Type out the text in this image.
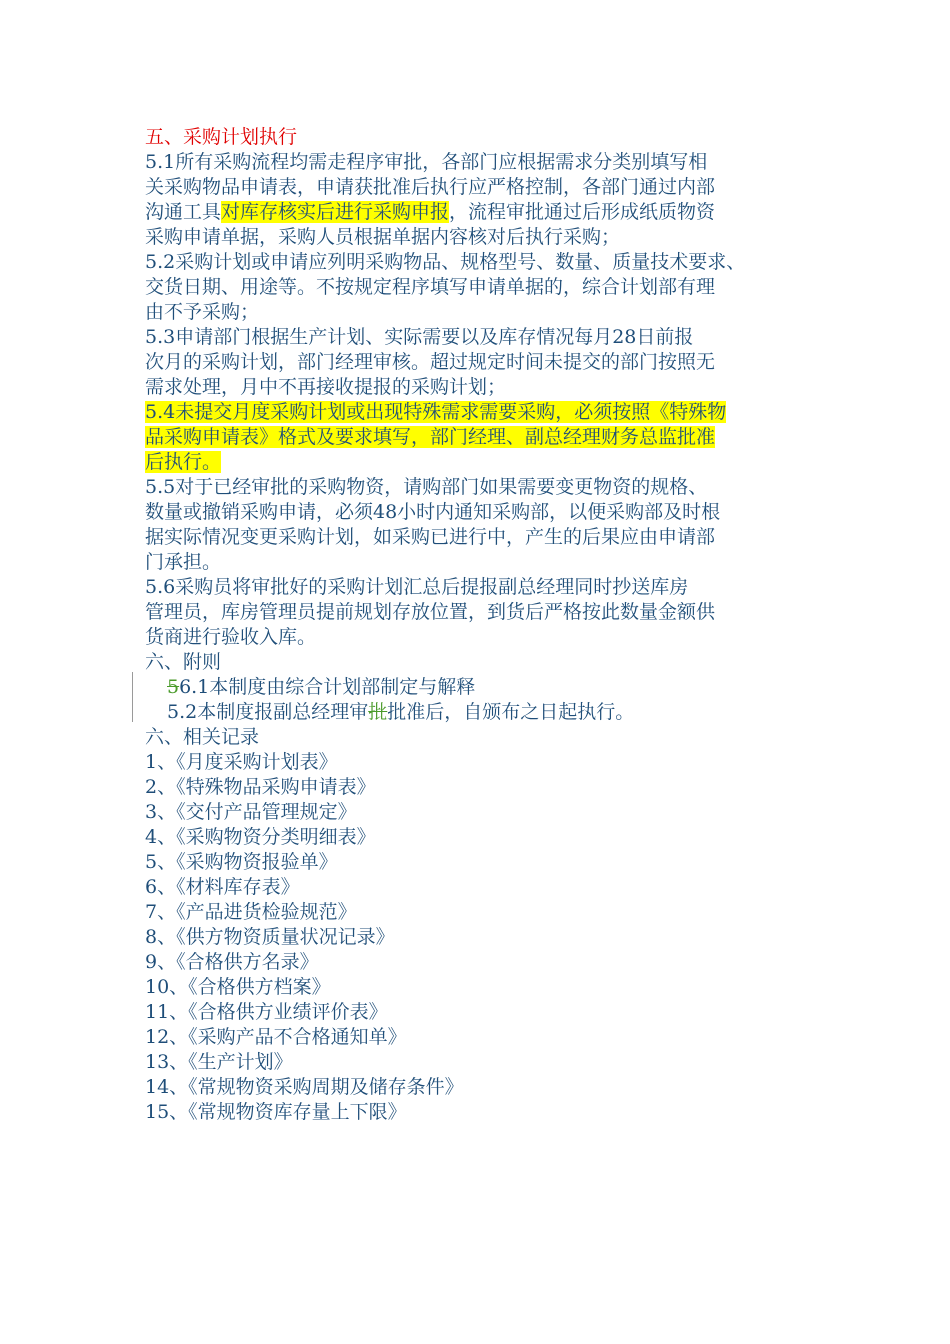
五、采购计划执行
5.1所有采购流程均需走程序审批，各部门应根据需求分类别填写相
关采购物品申请表，申请获批准后执行应严格控制，各部门通过内部
沟通工具对库存核实后进行采购申报，流程审批通过后形成纸质物资
采购申请单据，采购人员根据单据内容核对后执行采购；
5.2采购计划或申请应列明采购物品、规格型号、数量、质量技术要求、
交货日期、用途等。不按规定程序填写申请单据的，综合计划部有理
由不予采购；
5.3申请部门根据生产计划、实际需要以及库存情况每月28日前报
次月的采购计划，部门经理审核。超过规定时间未提交的部门按照无
需求处理，月中不再接收提报的采购计划；
5.4未提交月度采购计划或出现特殊需求需要采购，必须按照《特殊物
品采购申请表》格式及要求填写，部门经理、副总经理财务总监批准
后执行。
5.5对于已经审批的采购物资，请购部门如果需要变更物资的规格、
数量或撤销采购申请，必须48小时内通知采购部，以便采购部及时根
据实际情况变更采购计划，如采购已进行中，产生的后果应由申请部
门承担。
5.6采购员将审批好的采购计划汇总后提报副总经理同时抄送库房
管理员，库房管理员提前规划存放位置，到货后严格按此数量金额供
货商进行验收入库。
六、附则
56.1本制度由综合计划部制定与解释
5.2本制度报副总经理审批批准后，自颁布之日起执行。
六、相关记录
1、《月度采购计划表》
2、《特殊物品采购申请表》
3、《交付产品管理规定》
4、《采购物资分类明细表》
5、《采购物资报验单》
6、《材料库存表》
7、《产品进货检验规范》
8、《供方物资质量状况记录》
9、《合格供方名录》
10、《合格供方档案》
11、《合格供方业绩评价表》
12、《采购产品不合格通知单》
13、《生产计划》
14、《常规物资采购周期及储存条件》
15、《常规物资库存量上下限》
